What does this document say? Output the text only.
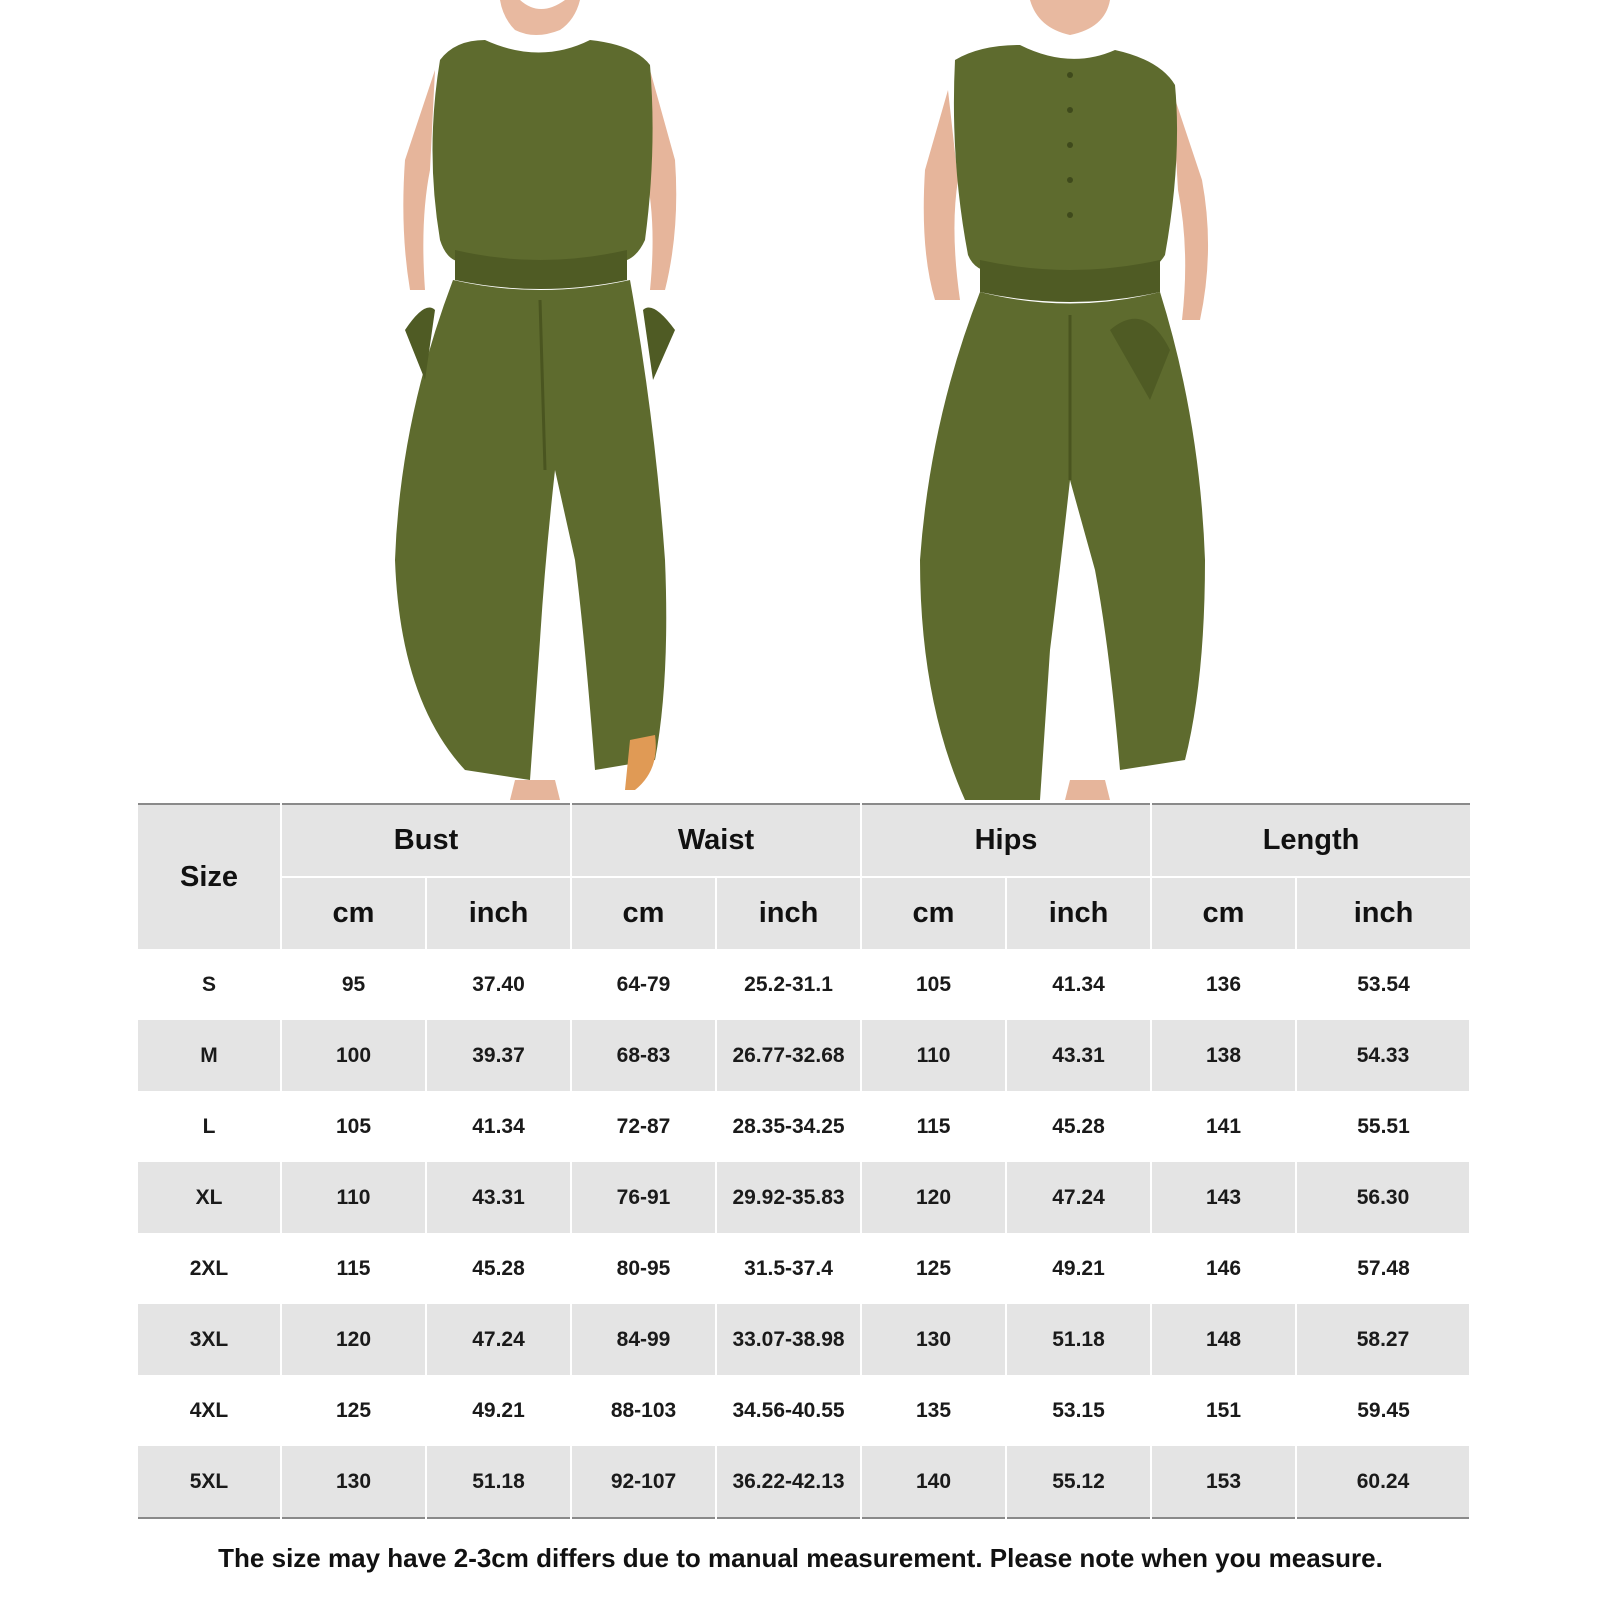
Size	Bust		Waist		Hips		Length	
	cm	inch	cm	inch	cm	inch	cm	inch
S	95	37.40	64-79	25.2-31.1	105	41.34	136	53.54
M	100	39.37	68-83	26.77-32.68	110	43.31	138	54.33
L	105	41.34	72-87	28.35-34.25	115	45.28	141	55.51
XL	110	43.31	76-91	29.92-35.83	120	47.24	143	56.30
2XL	115	45.28	80-95	31.5-37.4	125	49.21	146	57.48
3XL	120	47.24	84-99	33.07-38.98	130	51.18	148	58.27
4XL	125	49.21	88-103	34.56-40.55	135	53.15	151	59.45
5XL	130	51.18	92-107	36.22-42.13	140	55.12	153	60.24
The size may have 2-3cm differs due to manual measurement. Please note when you measure.
